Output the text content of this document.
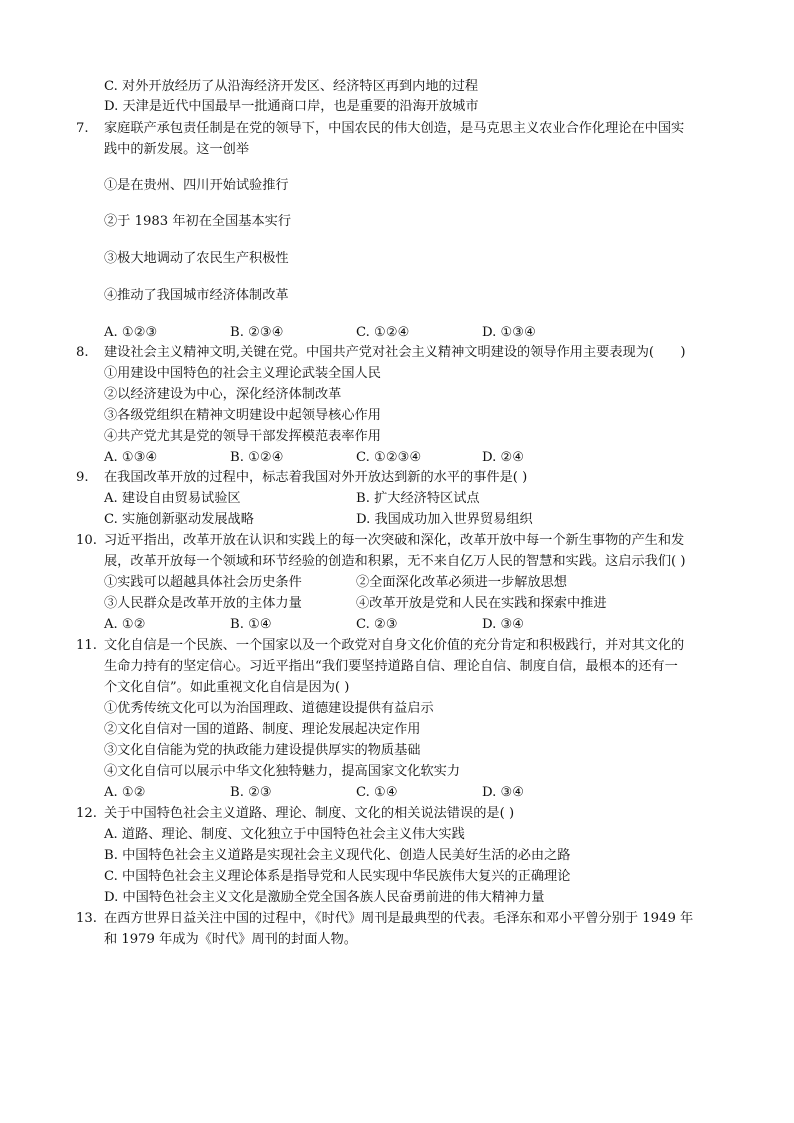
C. 对外开放经历了从沿海经济开发区、经济特区再到内地的过程
D. 天津是近代中国最早一批通商口岸，也是重要的沿海开放城市
7. 家庭联产承包责任制是在党的领导下，中国农民的伟大创造，是马克思主义农业合作化理论在中国实
践中的新发展。这一创举
①是在贵州、四川开始试验推行
②于 1983 年初在全国基本实行
③极大地调动了农民生产积极性
④推动了我国城市经济体制改革
A. ①②③	B. ②③④	C. ①②④	D. ①③④
8. 建设社会主义精神文明,关键在党。中国共产党对社会主义精神文明建设的领导作用主要表现为(　　)
①用建设中国特色的社会主义理论武装全国人民
②以经济建设为中心，深化经济体制改革
③各级党组织在精神文明建设中起领导核心作用
④共产党尤其是党的领导干部发挥模范表率作用
A. ①③④	B. ①②④	C. ①②③④	D. ②④
9. 在我国改革开放的过程中，标志着我国对外开放达到新的水平的事件是( )
A. 建设自由贸易试验区	B. 扩大经济特区试点
C. 实施创新驱动发展战略	D. 我国成功加入世界贸易组织
10. 习近平指出，改革开放在认识和实践上的每一次突破和深化，改革开放中每一个新生事物的产生和发
展，改革开放每一个领域和环节经验的创造和积累，无不来自亿万人民的智慧和实践。这启示我们( )
①实践可以超越具体社会历史条件	②全面深化改革必须进一步解放思想
③人民群众是改革开放的主体力量	④改革开放是党和人民在实践和探索中推进
A. ①②	B. ①④	C. ②③	D. ③④
11. 文化自信是一个民族、一个国家以及一个政党对自身文化价值的充分肯定和积极践行，并对其文化的
生命力持有的坚定信心。习近平指出“我们要坚持道路自信、理论自信、制度自信，最根本的还有一
个文化自信”。如此重视文化自信是因为( )
①优秀传统文化可以为治国理政、道德建设提供有益启示
②文化自信对一国的道路、制度、理论发展起决定作用
③文化自信能为党的执政能力建设提供厚实的物质基础
④文化自信可以展示中华文化独特魅力，提高国家文化软实力
A. ①②	B. ②③	C. ①④	D. ③④
12. 关于中国特色社会主义道路、理论、制度、文化的相关说法错误的是( )
A. 道路、理论、制度、文化独立于中国特色社会主义伟大实践
B. 中国特色社会主义道路是实现社会主义现代化、创造人民美好生活的必由之路
C. 中国特色社会主义理论体系是指导党和人民实现中华民族伟大复兴的正确理论
D. 中国特色社会主义文化是激励全党全国各族人民奋勇前进的伟大精神力量
13. 在西方世界日益关注中国的过程中，《时代》周刊是最典型的代表。毛泽东和邓小平曾分别于 1949 年
和 1979 年成为《时代》周刊的封面人物。
